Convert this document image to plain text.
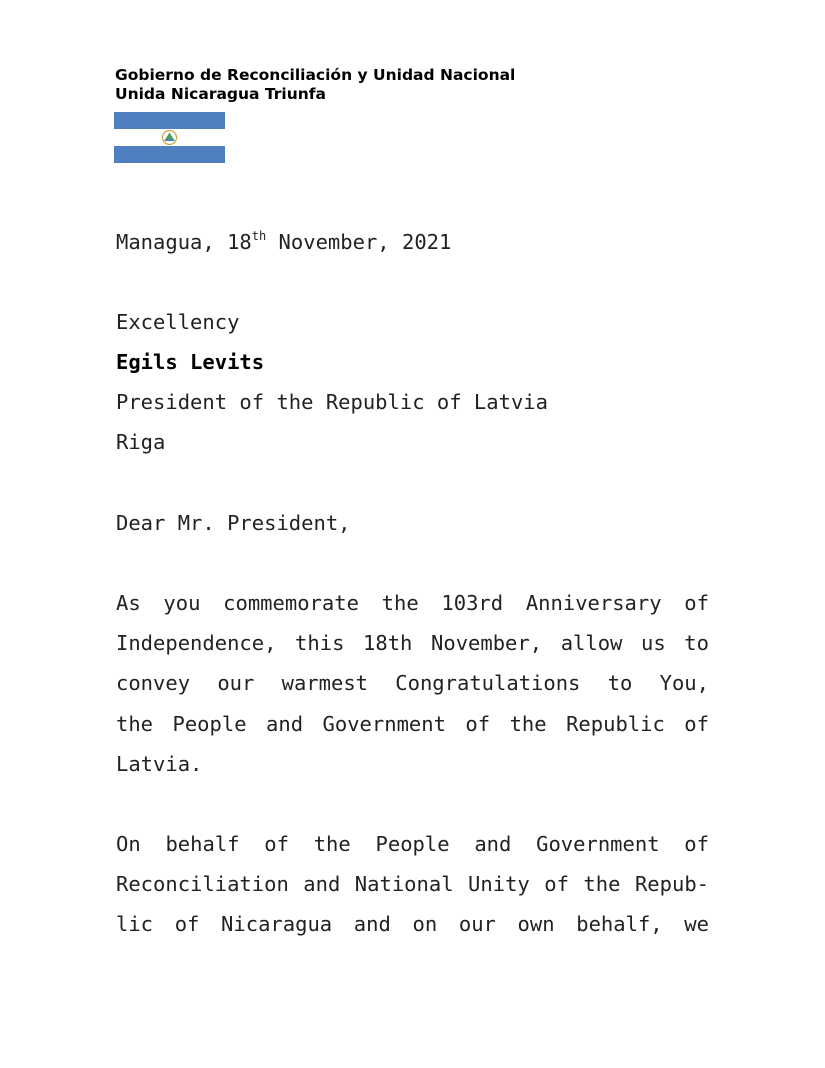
Gobierno de Reconciliación y Unidad Nacional
Unida Nicaragua Triunfa
Managua, 18th November, 2021
Excellency
Egils Levits
President of the Republic of Latvia
Riga
Dear Mr. President,
As you commemorate the 103rd Anniversary of
Independence, this 18th November, allow us to
convey our warmest Congratulations to You,
the People and Government of the Republic of
Latvia.
On behalf of the People and Government of
Reconciliation and National Unity of the Repub-
lic of Nicaragua and on our own behalf, we
